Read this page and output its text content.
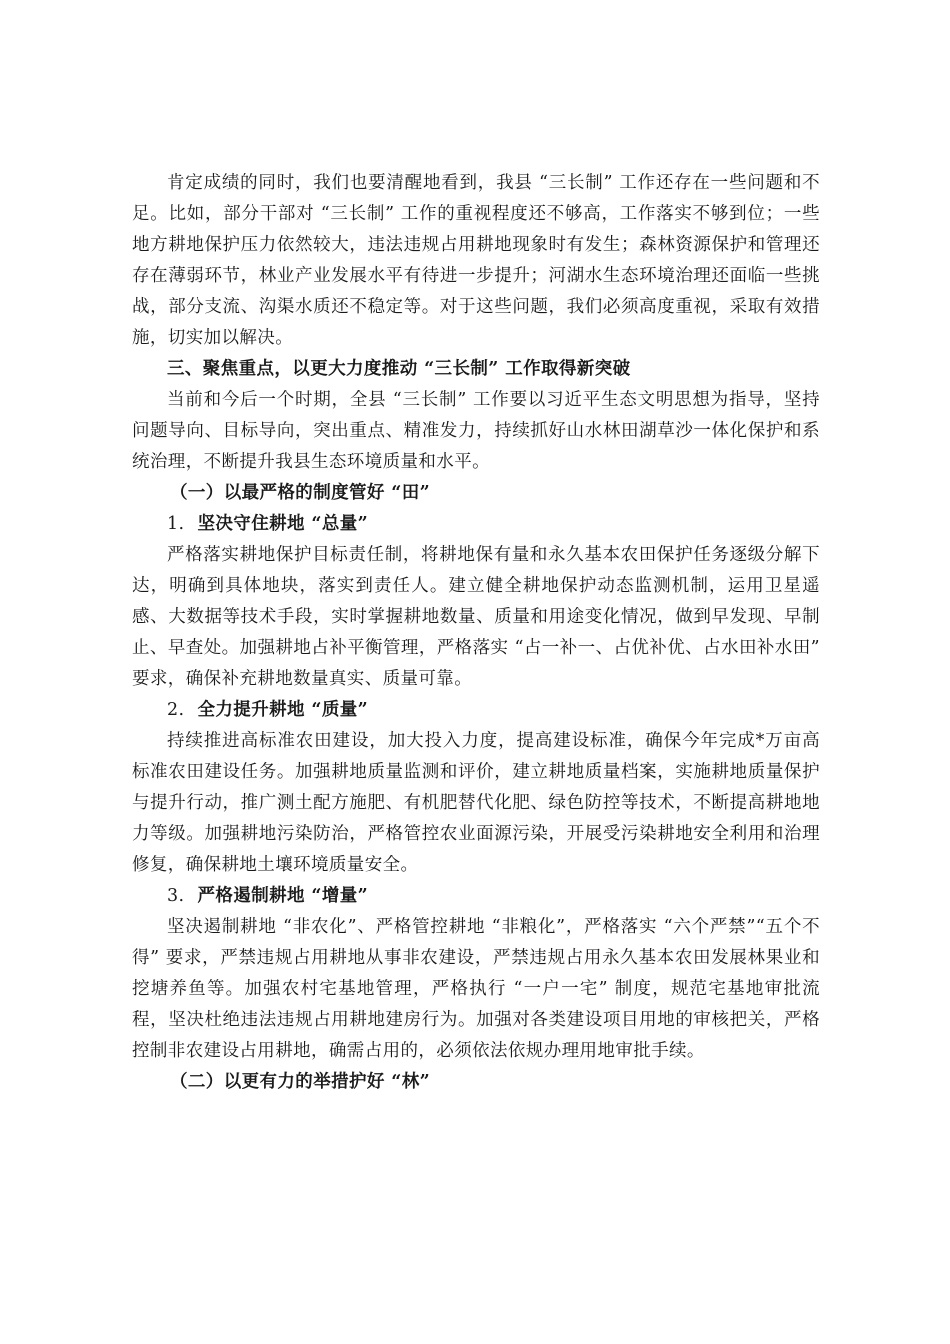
肯定成绩的同时，我们也要清醒地看到，我县 “三长制” 工作还存在一些问题和不足。比如，部分干部对 “三长制” 工作的重视程度还不够高，工作落实不够到位；一些地方耕地保护压力依然较大，违法违规占用耕地现象时有发生；森林资源保护和管理还存在薄弱环节，林业产业发展水平有待进一步提升；河湖水生态环境治理还面临一些挑战，部分支流、沟渠水质还不稳定等。对于这些问题，我们必须高度重视，采取有效措施，切实加以解决。

三、聚焦重点，以更大力度推动 “三长制” 工作取得新突破

当前和今后一个时期，全县 “三长制” 工作要以习近平生态文明思想为指导，坚持问题导向、目标导向，突出重点、精准发力，持续抓好山水林田湖草沙一体化保护和系统治理，不断提升我县生态环境质量和水平。

（一）以最严格的制度管好 “田”

1. 坚决守住耕地 “总量”

严格落实耕地保护目标责任制，将耕地保有量和永久基本农田保护任务逐级分解下达，明确到具体地块，落实到责任人。建立健全耕地保护动态监测机制，运用卫星遥感、大数据等技术手段，实时掌握耕地数量、质量和用途变化情况，做到早发现、早制止、早查处。加强耕地占补平衡管理，严格落实 “占一补一、占优补优、占水田补水田” 要求，确保补充耕地数量真实、质量可靠。

2. 全力提升耕地 “质量”

持续推进高标准农田建设，加大投入力度，提高建设标准，确保今年完成*万亩高标准农田建设任务。加强耕地质量监测和评价，建立耕地质量档案，实施耕地质量保护与提升行动，推广测土配方施肥、有机肥替代化肥、绿色防控等技术，不断提高耕地地力等级。加强耕地污染防治，严格管控农业面源污染，开展受污染耕地安全利用和治理修复，确保耕地土壤环境质量安全。

3. 严格遏制耕地 “增量”

坚决遏制耕地 “非农化”、严格管控耕地 “非粮化”，严格落实 “六个严禁”“五个不得” 要求，严禁违规占用耕地从事非农建设，严禁违规占用永久基本农田发展林果业和挖塘养鱼等。加强农村宅基地管理，严格执行 “一户一宅” 制度，规范宅基地审批流程，坚决杜绝违法违规占用耕地建房行为。加强对各类建设项目用地的审核把关，严格控制非农建设占用耕地，确需占用的，必须依法依规办理用地审批手续。

（二）以更有力的举措护好 “林”
